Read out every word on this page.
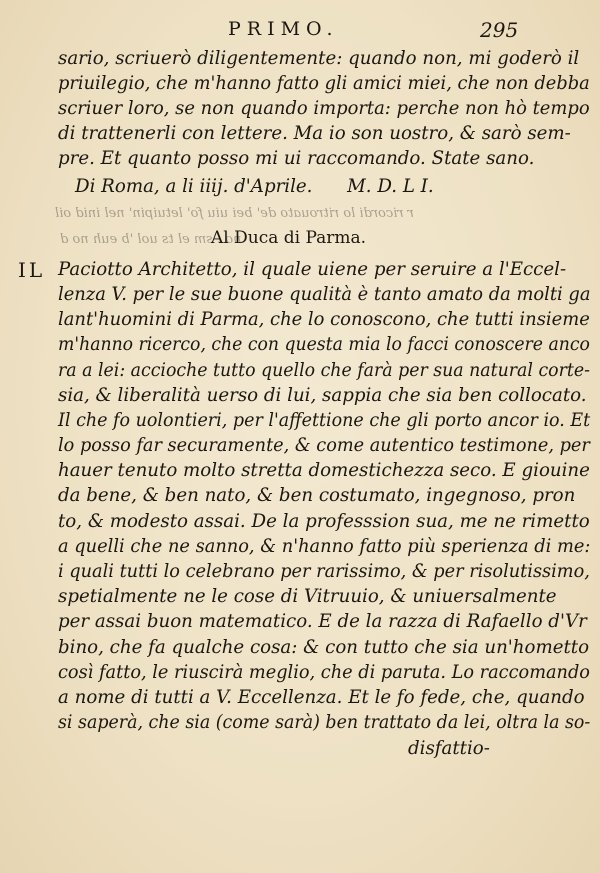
PRIMO.	295
sario, scriuerò diligentemente: quando non, mi goderò il
priuilegio, che m'hanno fatto gli amici miei, che non debba
scriuer loro, se non quando importa: perche non hò tempo
di trattenerli con lettere. Ma io son uostro, & sarò sem-
pre. Et quanto posso mi ui raccomando. State sano.
Di Roma, a li iiij. d'Aprile.      M. D. L I.
r ricordi lo ritrouato de' bei uiu fo' letuipin' nel inid oil
no . sm el ts uol 'b euh no d
Al Duca di Parma.
IL Paciotto Architetto, il quale uiene per seruire a l'Eccel-
lenza V. per le sue buone qualità è tanto amato da molti ga
lant'huomini di Parma, che lo conoscono, che tutti insieme
m'hanno ricerco, che con questa mia lo facci conoscere anco
ra a lei: accioche tutto quello che farà per sua natural corte-
sia, & liberalità uerso di lui, sappia che sia ben collocato.
Il che fo uolontieri, per l'affettione che gli porto ancor io. Et
lo posso far securamente, & come autentico testimone, per
hauer tenuto molto stretta domestichezza seco. E giouine
da bene, & ben nato, & ben costumato, ingegnoso, pron
to, & modesto assai. De la professsion sua, me ne rimetto
a quelli che ne sanno, & n'hanno fatto più sperienza di me:
i quali tutti lo celebrano per rarissimo, & per risolutissimo,
spetialmente ne le cose di Vitruuio, & uniuersalmente
per assai buon matematico. E de la razza di Rafaello d'Vr
bino, che fa qualche cosa: & con tutto che sia un'hometto
così fatto, le riuscirà meglio, che di paruta. Lo raccomando
a nome di tutti a V. Eccellenza. Et le fo fede, che, quando
si saperà, che sia (come sarà) ben trattato da lei, oltra la so-
disfattio-
